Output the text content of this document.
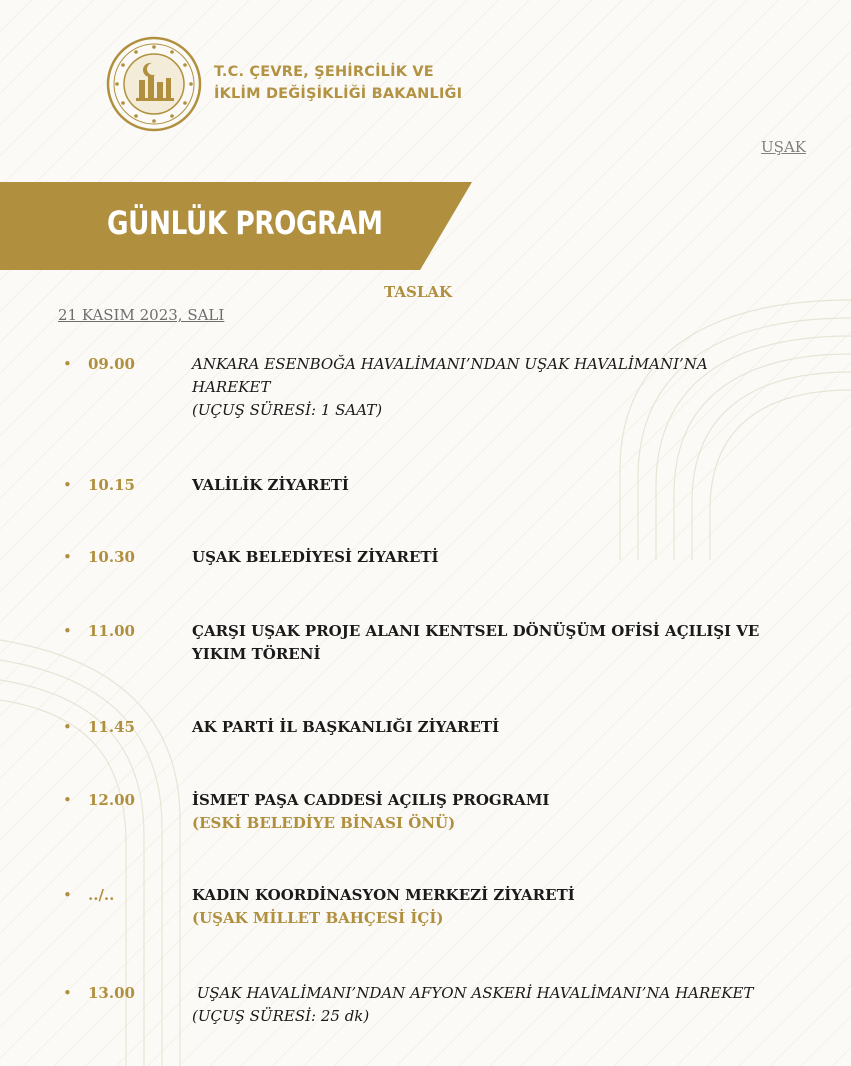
T.C. ÇEVRE, ŞEHİRCİLİK VE
İKLİM DEĞİŞİKLİĞİ BAKANLIĞI
UŞAK
GÜNLÜK PROGRAM
TASLAK
21 KASIM 2023, SALI
• 09.00	ANKARA ESENBOĞA HAVALİMANI’NDAN UŞAK HAVALİMANI’NA
HAREKET
(UÇUŞ SÜRESİ: 1 SAAT)
• 10.15	VALİLİK ZİYARETİ
• 10.30	UŞAK BELEDİYESİ ZİYARETİ
• 11.00	ÇARŞI UŞAK PROJE ALANI KENTSEL DÖNÜŞÜM OFİSİ AÇILIŞI VE
YIKIM TÖRENİ
• 11.45	AK PARTİ İL BAŞKANLIĞI ZİYARETİ
• 12.00	İSMET PAŞA CADDESİ AÇILIŞ PROGRAMI
(ESKİ BELEDİYE BİNASI ÖNÜ)
• ../..	KADIN KOORDİNASYON MERKEZİ ZİYARETİ
(UŞAK MİLLET BAHÇESİ İÇİ)
• 13.00	UŞAK HAVALİMANI’NDAN AFYON ASKERİ HAVALİMANI’NA HAREKET
(UÇUŞ SÜRESİ: 25 dk)
